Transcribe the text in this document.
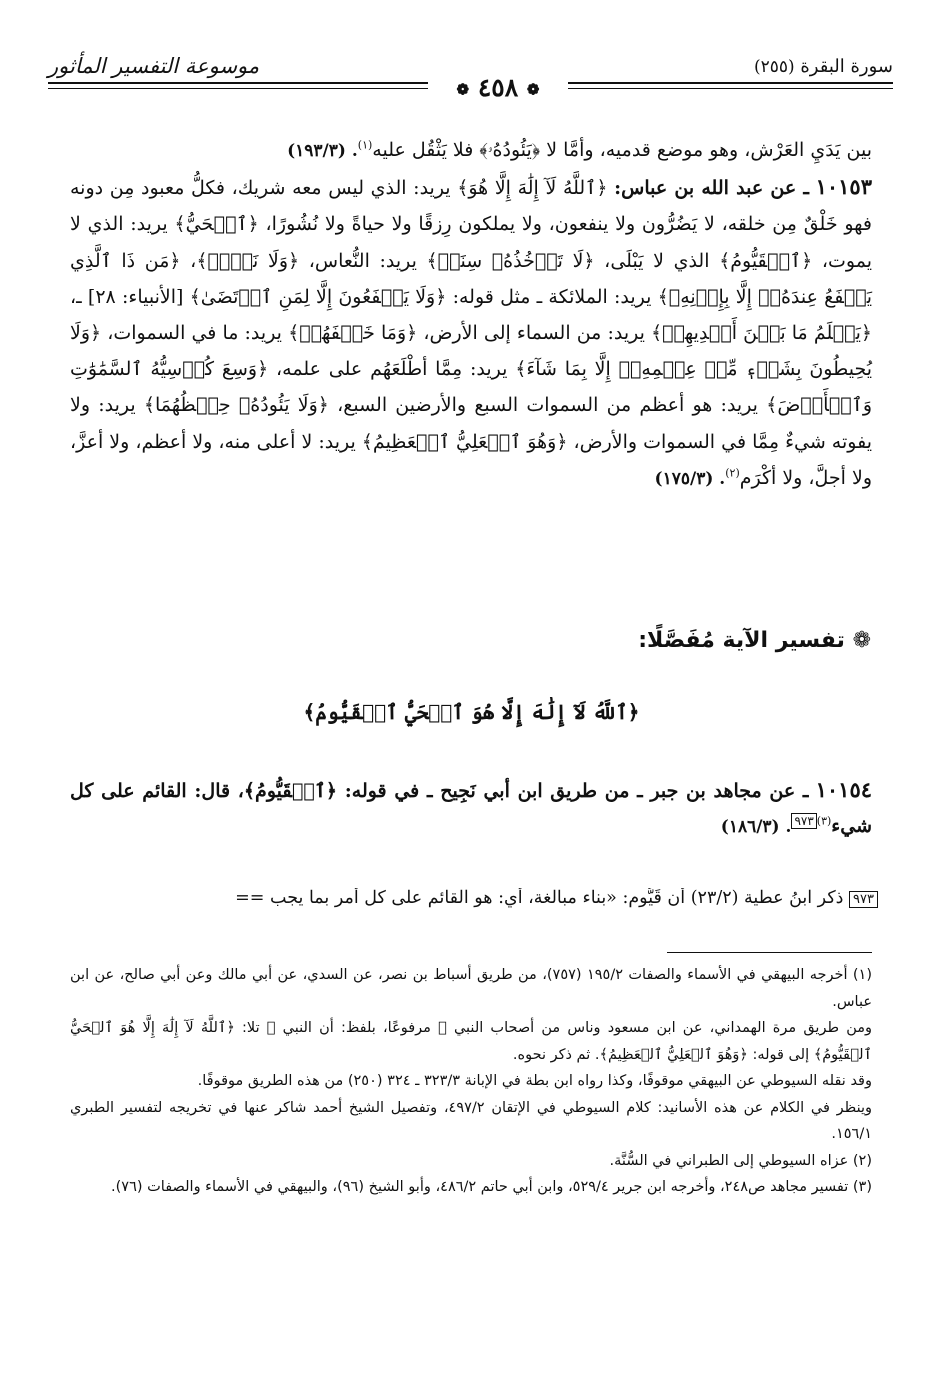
موسوعة التفسير المأثور	سورة البقرة (٢٥٥)
❁ ٤٥٨ ❁

بين يَدَيِ العَرْش، وهو موضع قدميه، وأمَّا لا ﴿يَئُودُهُۥ﴾ فلا يَثْقُل عليه$^{(١)}$. (١٩٣/٣)

١٠١٥٣ ـ عن عبد الله بن عباس: ﴿ٱللَّهُ لَآ إِلَٰهَ إِلَّا هُوَ﴾ يريد: الذي ليس معه شريك، فكلُّ معبود مِن دونه فهو خَلْقٌ مِن خلقه، لا يَضُرُّون ولا ينفعون، ولا يملكون رِزقًا ولا حياةً ولا نُشُورًا، ﴿ٱلۡحَيُّ﴾ يريد: الذي لا يموت، ﴿ٱلۡقَيُّومُ﴾ الذي لا يَبْلَى، ﴿لَا تَأۡخُذُهُۥ سِنَةٞ﴾ يريد: النُّعاس، ﴿وَلَا نَوۡمٞ﴾، ﴿مَن ذَا ٱلَّذِي يَشۡفَعُ عِندَهُۥٓ إِلَّا بِإِذۡنِهِۦ﴾ يريد: الملائكة ـ مثل قوله: ﴿وَلَا يَشۡفَعُونَ إِلَّا لِمَنِ ٱرۡتَضَىٰ﴾ [الأنبياء: ٢٨] ـ، ﴿يَعۡلَمُ مَا بَيۡنَ أَيۡدِيهِمۡ﴾ يريد: من السماء إلى الأرض، ﴿وَمَا خَلۡفَهُمۡ﴾ يريد: ما في السموات، ﴿وَلَا يُحِيطُونَ بِشَيۡءٖ مِّنۡ عِلۡمِهِۦٓ إِلَّا بِمَا شَآءَ﴾ يريد: مِمَّا أطْلَعَهُم على علمه، ﴿وَسِعَ كُرۡسِيُّهُ ٱلسَّمَٰوَٰتِ وَٱلۡأَرۡضَ﴾ يريد: هو أعظم من السموات السبع والأرضين السبع، ﴿وَلَا يَئُودُهُۥ حِفۡظُهُمَا﴾ يريد: ولا يفوته شيءٌ مِمَّا في السموات والأرض، ﴿وَهُوَ ٱلۡعَلِيُّ ٱلۡعَظِيمُ﴾ يريد: لا أعلى منه، ولا أعظم، ولا أعزَّ، ولا أجلَّ، ولا أكْرَم$^{(٢)}$. (١٧٥/٣)

❁ تفسير الآية مُفَصَّلًا:
﴿ٱللَّهُ لَآ إِلَٰهَ إِلَّا هُوَ ٱلۡحَيُّ ٱلۡقَيُّومُ﴾

١٠١٥٤ ـ عن مجاهد بن جبر ـ من طريق ابن أبي نَجِيح ـ في قوله: ﴿ٱلۡقَيُّومُ﴾، قال: القائم على كل شيء$^{(٣)٩٧٣}$. (١٨٦/٣)

٩٧٣ ذكر ابنُ عطية (٢٣/٢) أن قَيُّوم: «بناء مبالغة، أي: هو القائم على كل أمر بما يجب ==

(١) أخرجه البيهقي في الأسماء والصفات ١٩٥/٢ (٧٥٧)، من طريق أسباط بن نصر، عن السدي، عن أبي مالك وعن أبي صالح، عن ابن عباس.

ومن طريق مرة الهمداني، عن ابن مسعود وناس من أصحاب النبي ﷺ مرفوعًا، بلفظ: أن النبي ﷺ تلا: ﴿ٱللَّهُ لَآ إِلَٰهَ إِلَّا هُوَ ٱلۡحَيُّ ٱلۡقَيُّومُ﴾ إلى قوله: ﴿وَهُوَ ٱلۡعَلِيُّ ٱلۡعَظِيمُ﴾. ثم ذكر نحوه.

وقد نقله السيوطي عن البيهقي موقوفًا، وكذا رواه ابن بطة في الإبانة ٣٢٣/٣ ـ ٣٢٤ (٢٥٠) من هذه الطريق موقوفًا.

وينظر في الكلام عن هذه الأسانيد: كلام السيوطي في الإتقان ٤٩٧/٢، وتفصيل الشيخ أحمد شاكر عنها في تخريجه لتفسير الطبري ١٥٦/١.

(٢) عزاه السيوطي إلى الطبراني في السُّنَّة.

(٣) تفسير مجاهد ص٢٤٨، وأخرجه ابن جرير ٥٢٩/٤، وابن أبي حاتم ٤٨٦/٢، وأبو الشيخ (٩٦)، والبيهقي في الأسماء والصفات (٧٦).
